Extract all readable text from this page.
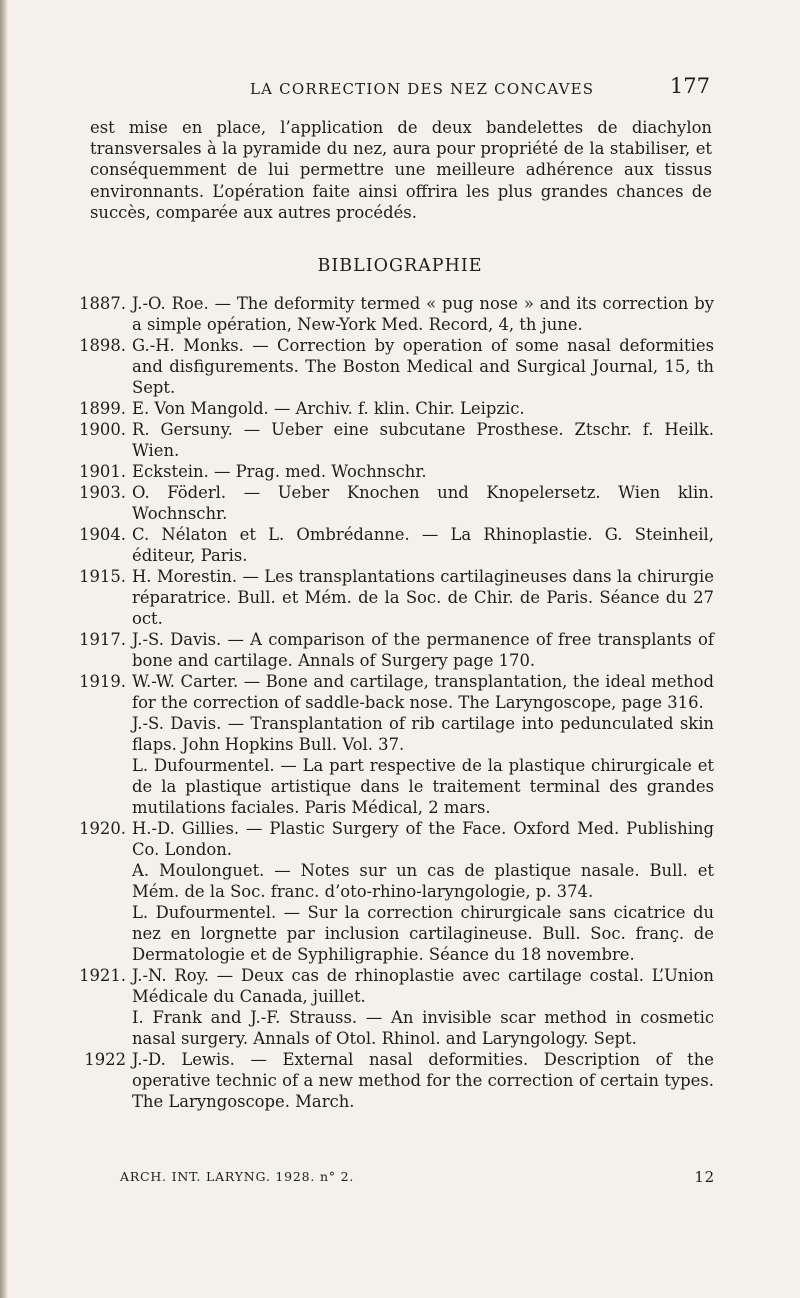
LA CORRECTION DES NEZ CONCAVES	177

est mise en place, l’application de deux bandelettes de diachylon transversales à la pyramide du nez, aura pour propriété de la stabiliser, et conséquemment de lui permettre une meilleure adhérence aux tissus environnants. L’opération faite ainsi offrira les plus grandes chances de succès, comparée aux autres procédés.

BIBLIOGRAPHIE
1887. J.-O. Roe. — The deformity termed « pug nose » and its correction by a simple opération, New-York Med. Record, 4, th june.

1898. G.-H. Monks. — Correction by operation of some nasal deformities and disfigurements. The Boston Medical and Surgical Journal, 15, th Sept.

1899. E. Von Mangold. — Archiv. f. klin. Chir. Leipzic.

1900. R. Gersuny. — Ueber eine subcutane Prosthese. Ztschr. f. Heilk. Wien.

1901. Eckstein. — Prag. med. Wochnschr.

1903. O. Föderl. — Ueber Knochen und Knopelersetz. Wien klin. Wochnschr.

1904. C. Nélaton et L. Ombrédanne. — La Rhinoplastie. G. Steinheil, éditeur, Paris.

1915. H. Morestin. — Les transplantations cartilagineuses dans la chirurgie réparatrice. Bull. et Mém. de la Soc. de Chir. de Paris. Séance du 27 oct.

1917. J.-S. Davis. — A comparison of the permanence of free transplants of bone and cartilage. Annals of Surgery page 170.

1919. W.-W. Carter. — Bone and cartilage, transplantation, the ideal method for the correction of saddle-back nose. The Laryngoscope, page 316.

J.-S. Davis. — Transplantation of rib cartilage into pedunculated skin flaps. John Hopkins Bull. Vol. 37.

L. Dufourmentel. — La part respective de la plastique chirurgicale et de la plastique artistique dans le traitement terminal des grandes mutilations faciales. Paris Médical, 2 mars.

1920. H.-D. Gillies. — Plastic Surgery of the Face. Oxford Med. Publishing Co. London.

A. Moulonguet. — Notes sur un cas de plastique nasale. Bull. et Mém. de la Soc. franc. d’oto-rhino-laryngologie, p. 374.

L. Dufourmentel. — Sur la correction chirurgicale sans cicatrice du nez en lorgnette par inclusion cartilagineuse. Bull. Soc. franç. de Dermatologie et de Syphiligraphie. Séance du 18 novembre.

1921. J.-N. Roy. — Deux cas de rhinoplastie avec cartilage costal. L’Union Médicale du Canada, juillet.

I. Frank and J.-F. Strauss. — An invisible scar method in cosmetic nasal surgery. Annals of Otol. Rhinol. and Laryngology. Sept.

1922 J.-D. Lewis. — External nasal deformities. Description of the operative technic of a new method for the correction of certain types. The Laryngoscope. March.

ARCH. INT. LARYNG. 1928. n° 2.	12
